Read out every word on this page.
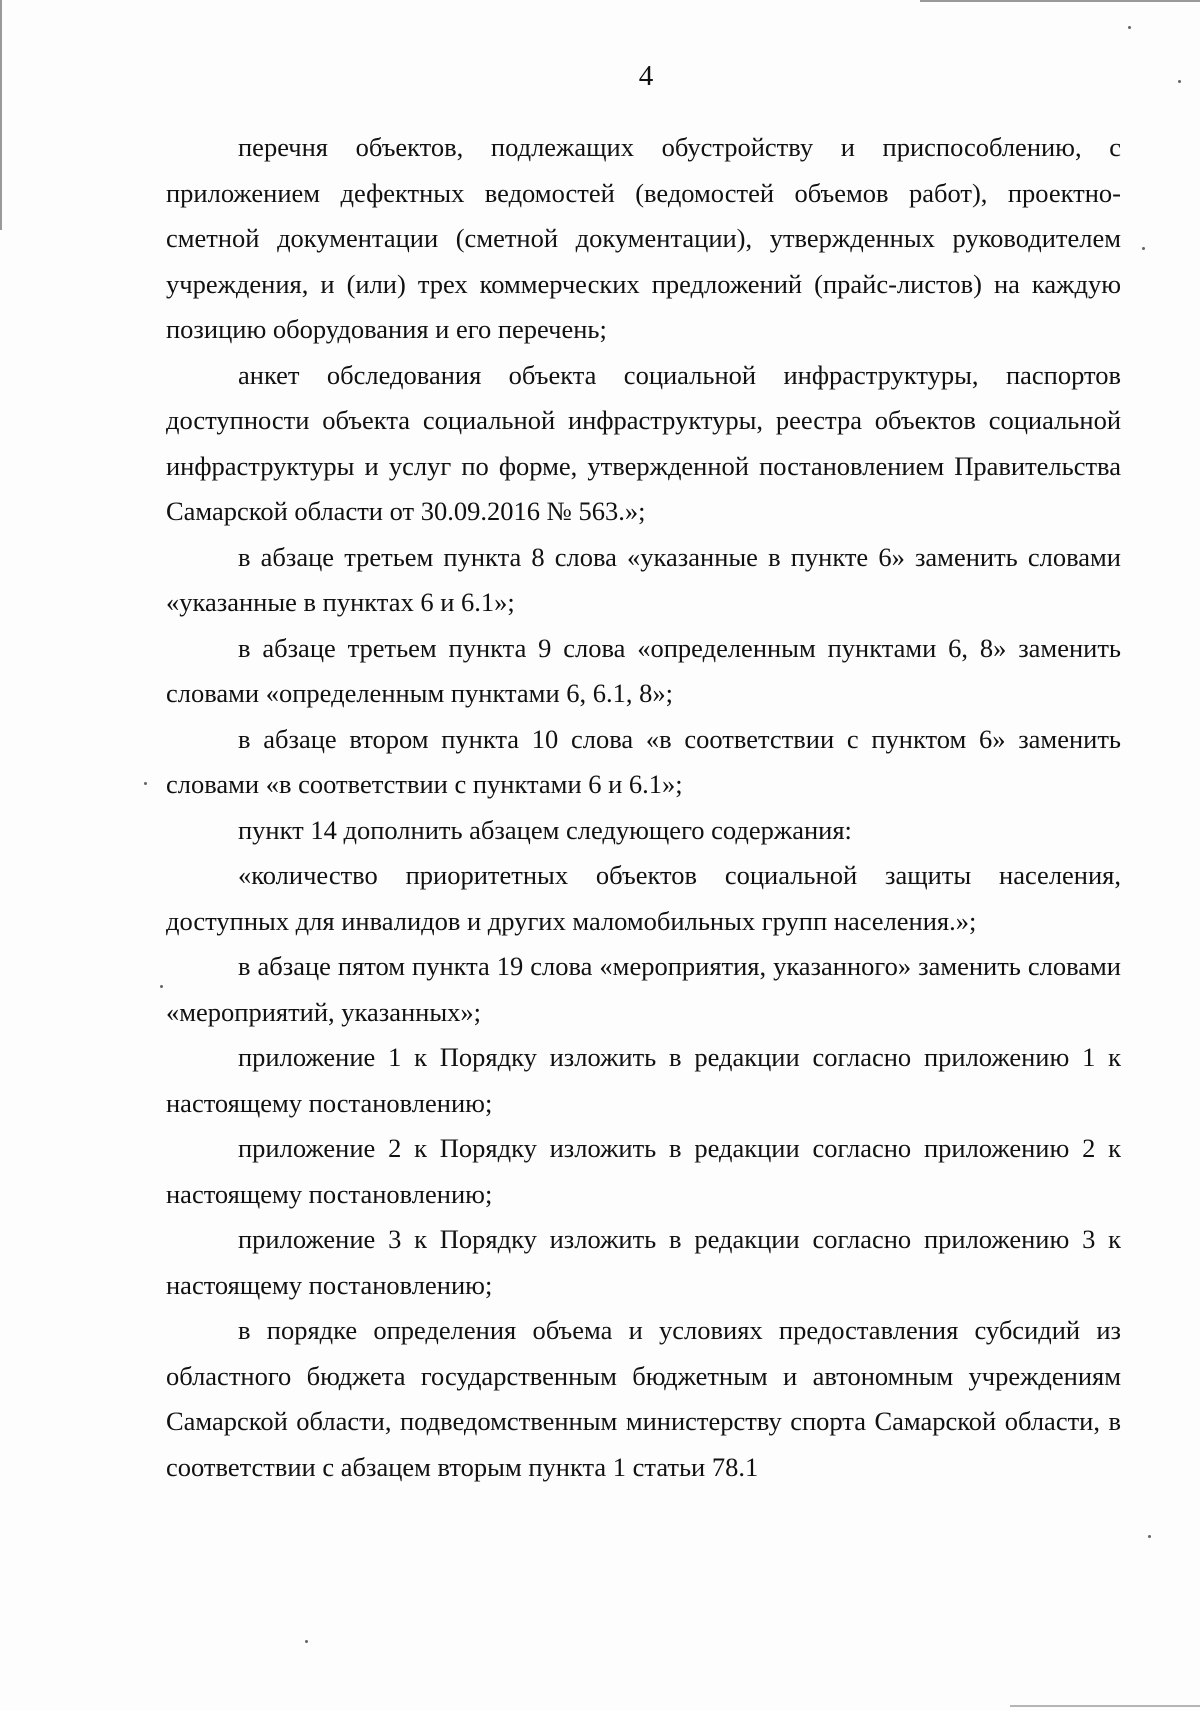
4

перечня объектов, подлежащих обустройству и приспособлению, с приложением дефектных ведомостей (ведомостей объемов работ), проектно-сметной документации (сметной документации), утвержденных руководителем учреждения, и (или) трех коммерческих предложений (прайс-листов) на каждую позицию оборудования и его перечень;

анкет обследования объекта социальной инфраструктуры, паспортов доступности объекта социальной инфраструктуры, реестра объектов социальной инфраструктуры и услуг по форме, утвержденной постановлением Правительства Самарской области от 30.09.2016 № 563.»;

в абзаце третьем пункта 8 слова «указанные в пункте 6» заменить словами «указанные в пунктах 6 и 6.1»;

в абзаце третьем пункта 9 слова «определенным пунктами 6, 8» заменить словами «определенным пунктами 6, 6.1, 8»;

в абзаце втором пункта 10 слова «в соответствии с пунктом 6» заменить словами «в соответствии с пунктами 6 и 6.1»;

пункт 14 дополнить абзацем следующего содержания:

«количество приоритетных объектов социальной защиты населения, доступных для инвалидов и других маломобильных групп населения.»;

в абзаце пятом пункта 19 слова «мероприятия, указанного» заменить словами «мероприятий, указанных»;

приложение 1 к Порядку изложить в редакции согласно приложению 1 к настоящему постановлению;

приложение 2 к Порядку изложить в редакции согласно приложению 2 к настоящему постановлению;

приложение 3 к Порядку изложить в редакции согласно приложению 3 к настоящему постановлению;

в порядке определения объема и условиях предоставления субсидий из областного бюджета государственным бюджетным и автономным учреждениям Самарской области, подведомственным министерству спорта Самарской области, в соответствии с абзацем вторым пункта 1 статьи 78.1
